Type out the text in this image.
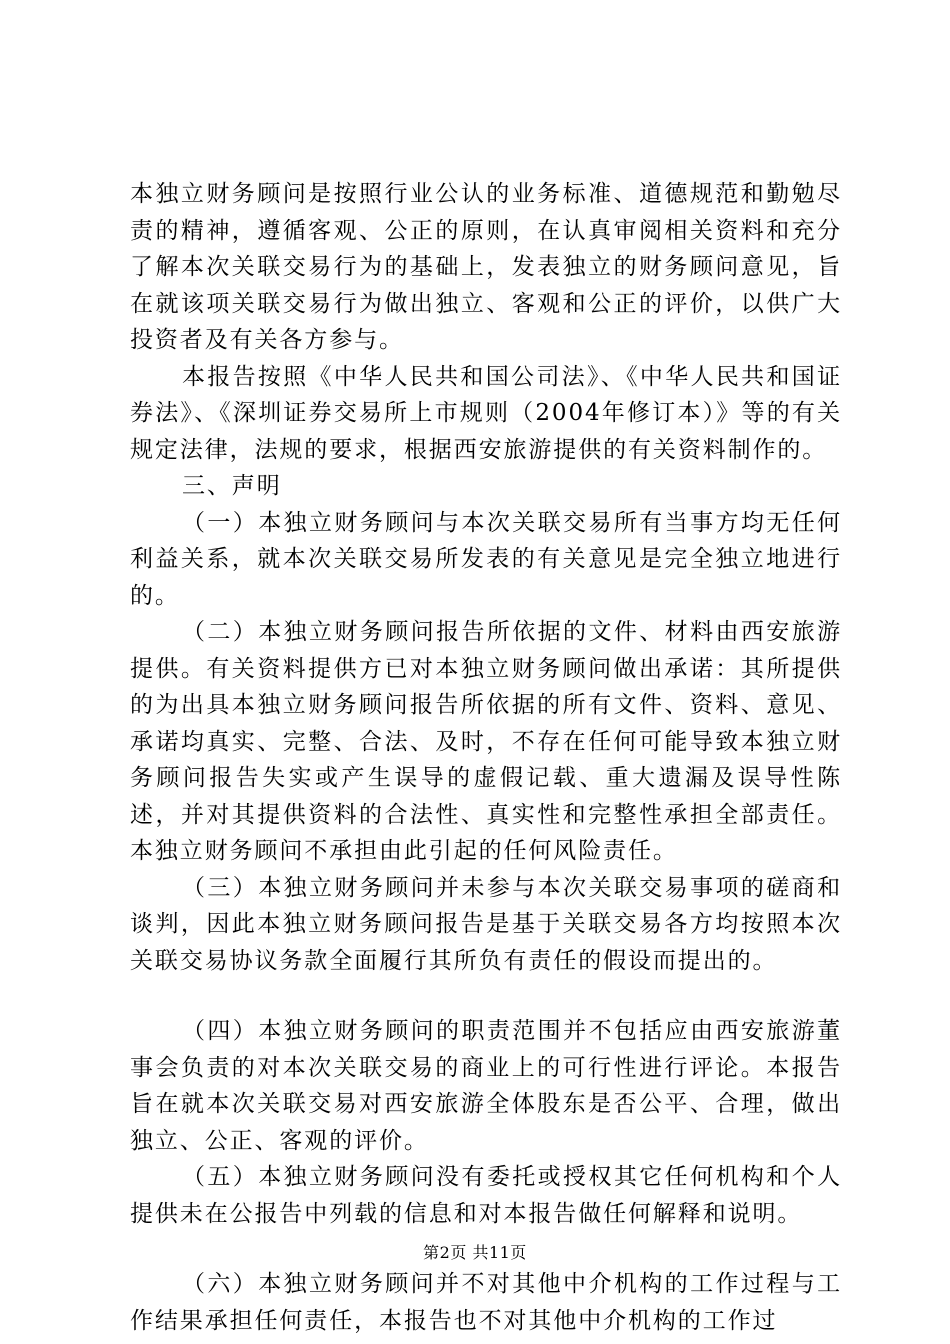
本独立财务顾问是按照行业公认的业务标准、道德规范和勤勉尽责的精神，遵循客观、公正的原则，在认真审阅相关资料和充分了解本次关联交易行为的基础上，发表独立的财务顾问意见，旨在就该项关联交易行为做出独立、客观和公正的评价，以供广大投资者及有关各方参与。

本报告按照《中华人民共和国公司法》、《中华人民共和国证券法》、《深圳证券交易所上市规则（2004年修订本）》等的有关规定法律，法规的要求，根据西安旅游提供的有关资料制作的。

三、声明

（一）本独立财务顾问与本次关联交易所有当事方均无任何利益关系，就本次关联交易所发表的有关意见是完全独立地进行的。

（二）本独立财务顾问报告所依据的文件、材料由西安旅游提供。有关资料提供方已对本独立财务顾问做出承诺：其所提供的为出具本独立财务顾问报告所依据的所有文件、资料、意见、承诺均真实、完整、合法、及时，不存在任何可能导致本独立财务顾问报告失实或产生误导的虚假记载、重大遗漏及误导性陈述，并对其提供资料的合法性、真实性和完整性承担全部责任。本独立财务顾问不承担由此引起的任何风险责任。

（三）本独立财务顾问并未参与本次关联交易事项的磋商和谈判，因此本独立财务顾问报告是基于关联交易各方均按照本次关联交易协议务款全面履行其所负有责任的假设而提出的。

（四）本独立财务顾问的职责范围并不包括应由西安旅游董事会负责的对本次关联交易的商业上的可行性进行评论。本报告旨在就本次关联交易对西安旅游全体股东是否公平、合理，做出独立、公正、客观的评价。

（五）本独立财务顾问没有委托或授权其它任何机构和个人提供未在公报告中列载的信息和对本报告做任何解释和说明。

（六）本独立财务顾问并不对其他中介机构的工作过程与工作结果承担任何责任，本报告也不对其他中介机构的工作过

第2页 共11页
